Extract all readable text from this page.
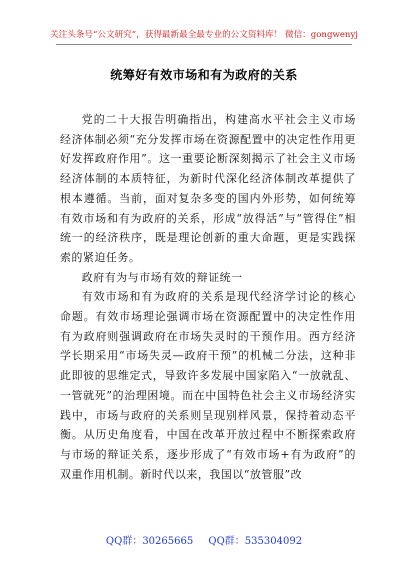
关注头条号“公文研究”，获得最新最全最专业的公文资料库！ 微信：gongwenyj
统筹好有效市场和有为政府的关系

党的二十大报告明确指出，构建高水平社会主义市场经济体制必须“充分发挥市场在资源配置中的决定性作用更好发挥政府作用”。这一重要论断深刻揭示了社会主义市场经济体制的本质特征，为新时代深化经济体制改革提供了根本遵循。当前，面对复杂多变的国内外形势，如何统筹有效市场和有为政府的关系，形成“放得活”与“管得住”相统一的经济秩序，既是理论创新的重大命题，更是实践探索的紧迫任务。

政府有为与市场有效的辩证统一

有效市场和有为政府的关系是现代经济学讨论的核心命题。有效市场理论强调市场在资源配置中的决定性作用有为政府则强调政府在市场失灵时的干预作用。西方经济学长期采用“市场失灵—政府干预”的机械二分法，这种非此即彼的思维定式，导致许多发展中国家陷入“一放就乱、一管就死”的治理困境。而在中国特色社会主义市场经济实践中，市场与政府的关系则呈现别样风景，保持着动态平衡。从历史角度看，中国在改革开放过程中不断探索政府与市场的辩证关系，逐步形成了“有效市场+有为政府”的双重作用机制。新时代以来，我国以“放管服”改

QQ群：30265665 QQ群：535304092
